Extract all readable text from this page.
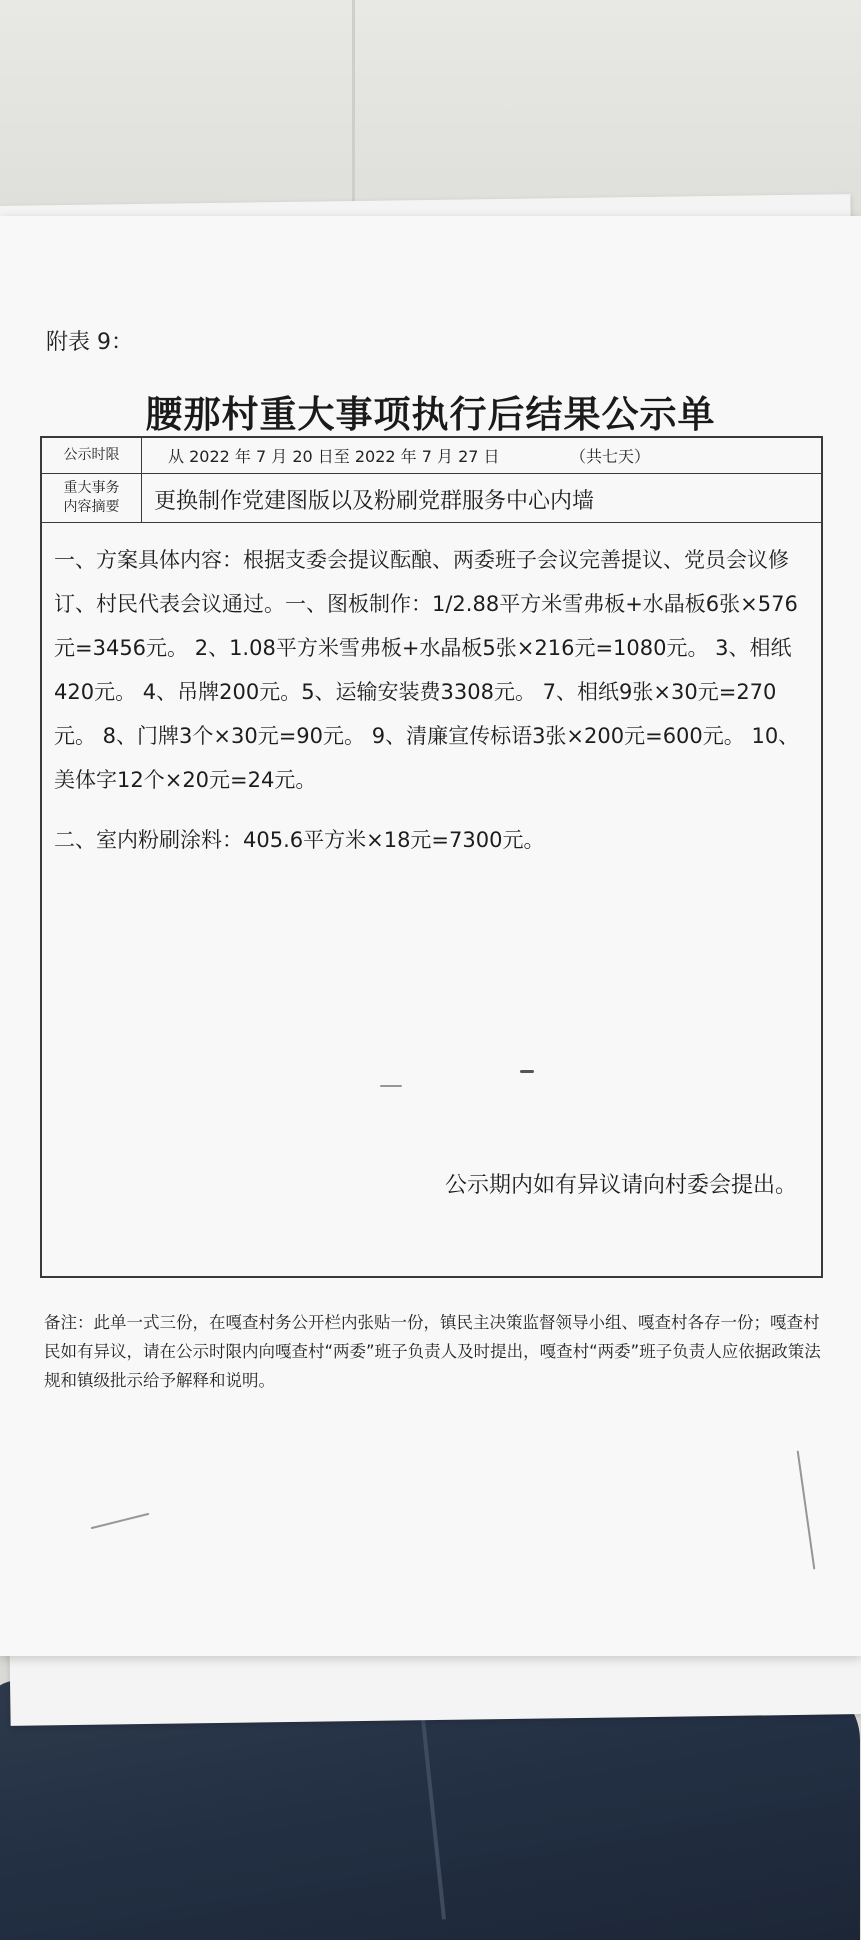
附表 9：
腰那村重大事项执行后结果公示单
公示时限	从 2022 年 7 月 20 日至 2022 年 7 月 27 日	（共七天）
重大事务
内容摘要	更换制作党建图版以及粉刷党群服务中心内墙

一、方案具体内容：根据支委会提议酝酿、两委班子会议完善提议、党员会议修订、村民代表会议通过。一、图板制作：1/2.88平方米雪弗板+水晶板6张×576元=3456元。 2、1.08平方米雪弗板+水晶板5张×216元=1080元。 3、相纸420元。 4、吊牌200元。5、运输安装费3308元。 7、相纸9张×30元=270元。 8、门牌3个×30元=90元。 9、清廉宣传标语3张×200元=600元。 10、美体字12个×20元=24元。

二、室内粉刷涂料：405.6平方米×18元=7300元。

公示期内如有异议请向村委会提出。
备注：此单一式三份，在嘎查村务公开栏内张贴一份，镇民主决策监督领导小组、嘎查村各存一份；嘎查村民如有异议，请在公示时限内向嘎查村“两委”班子负责人及时提出，嘎查村“两委”班子负责人应依据政策法规和镇级批示给予解释和说明。
